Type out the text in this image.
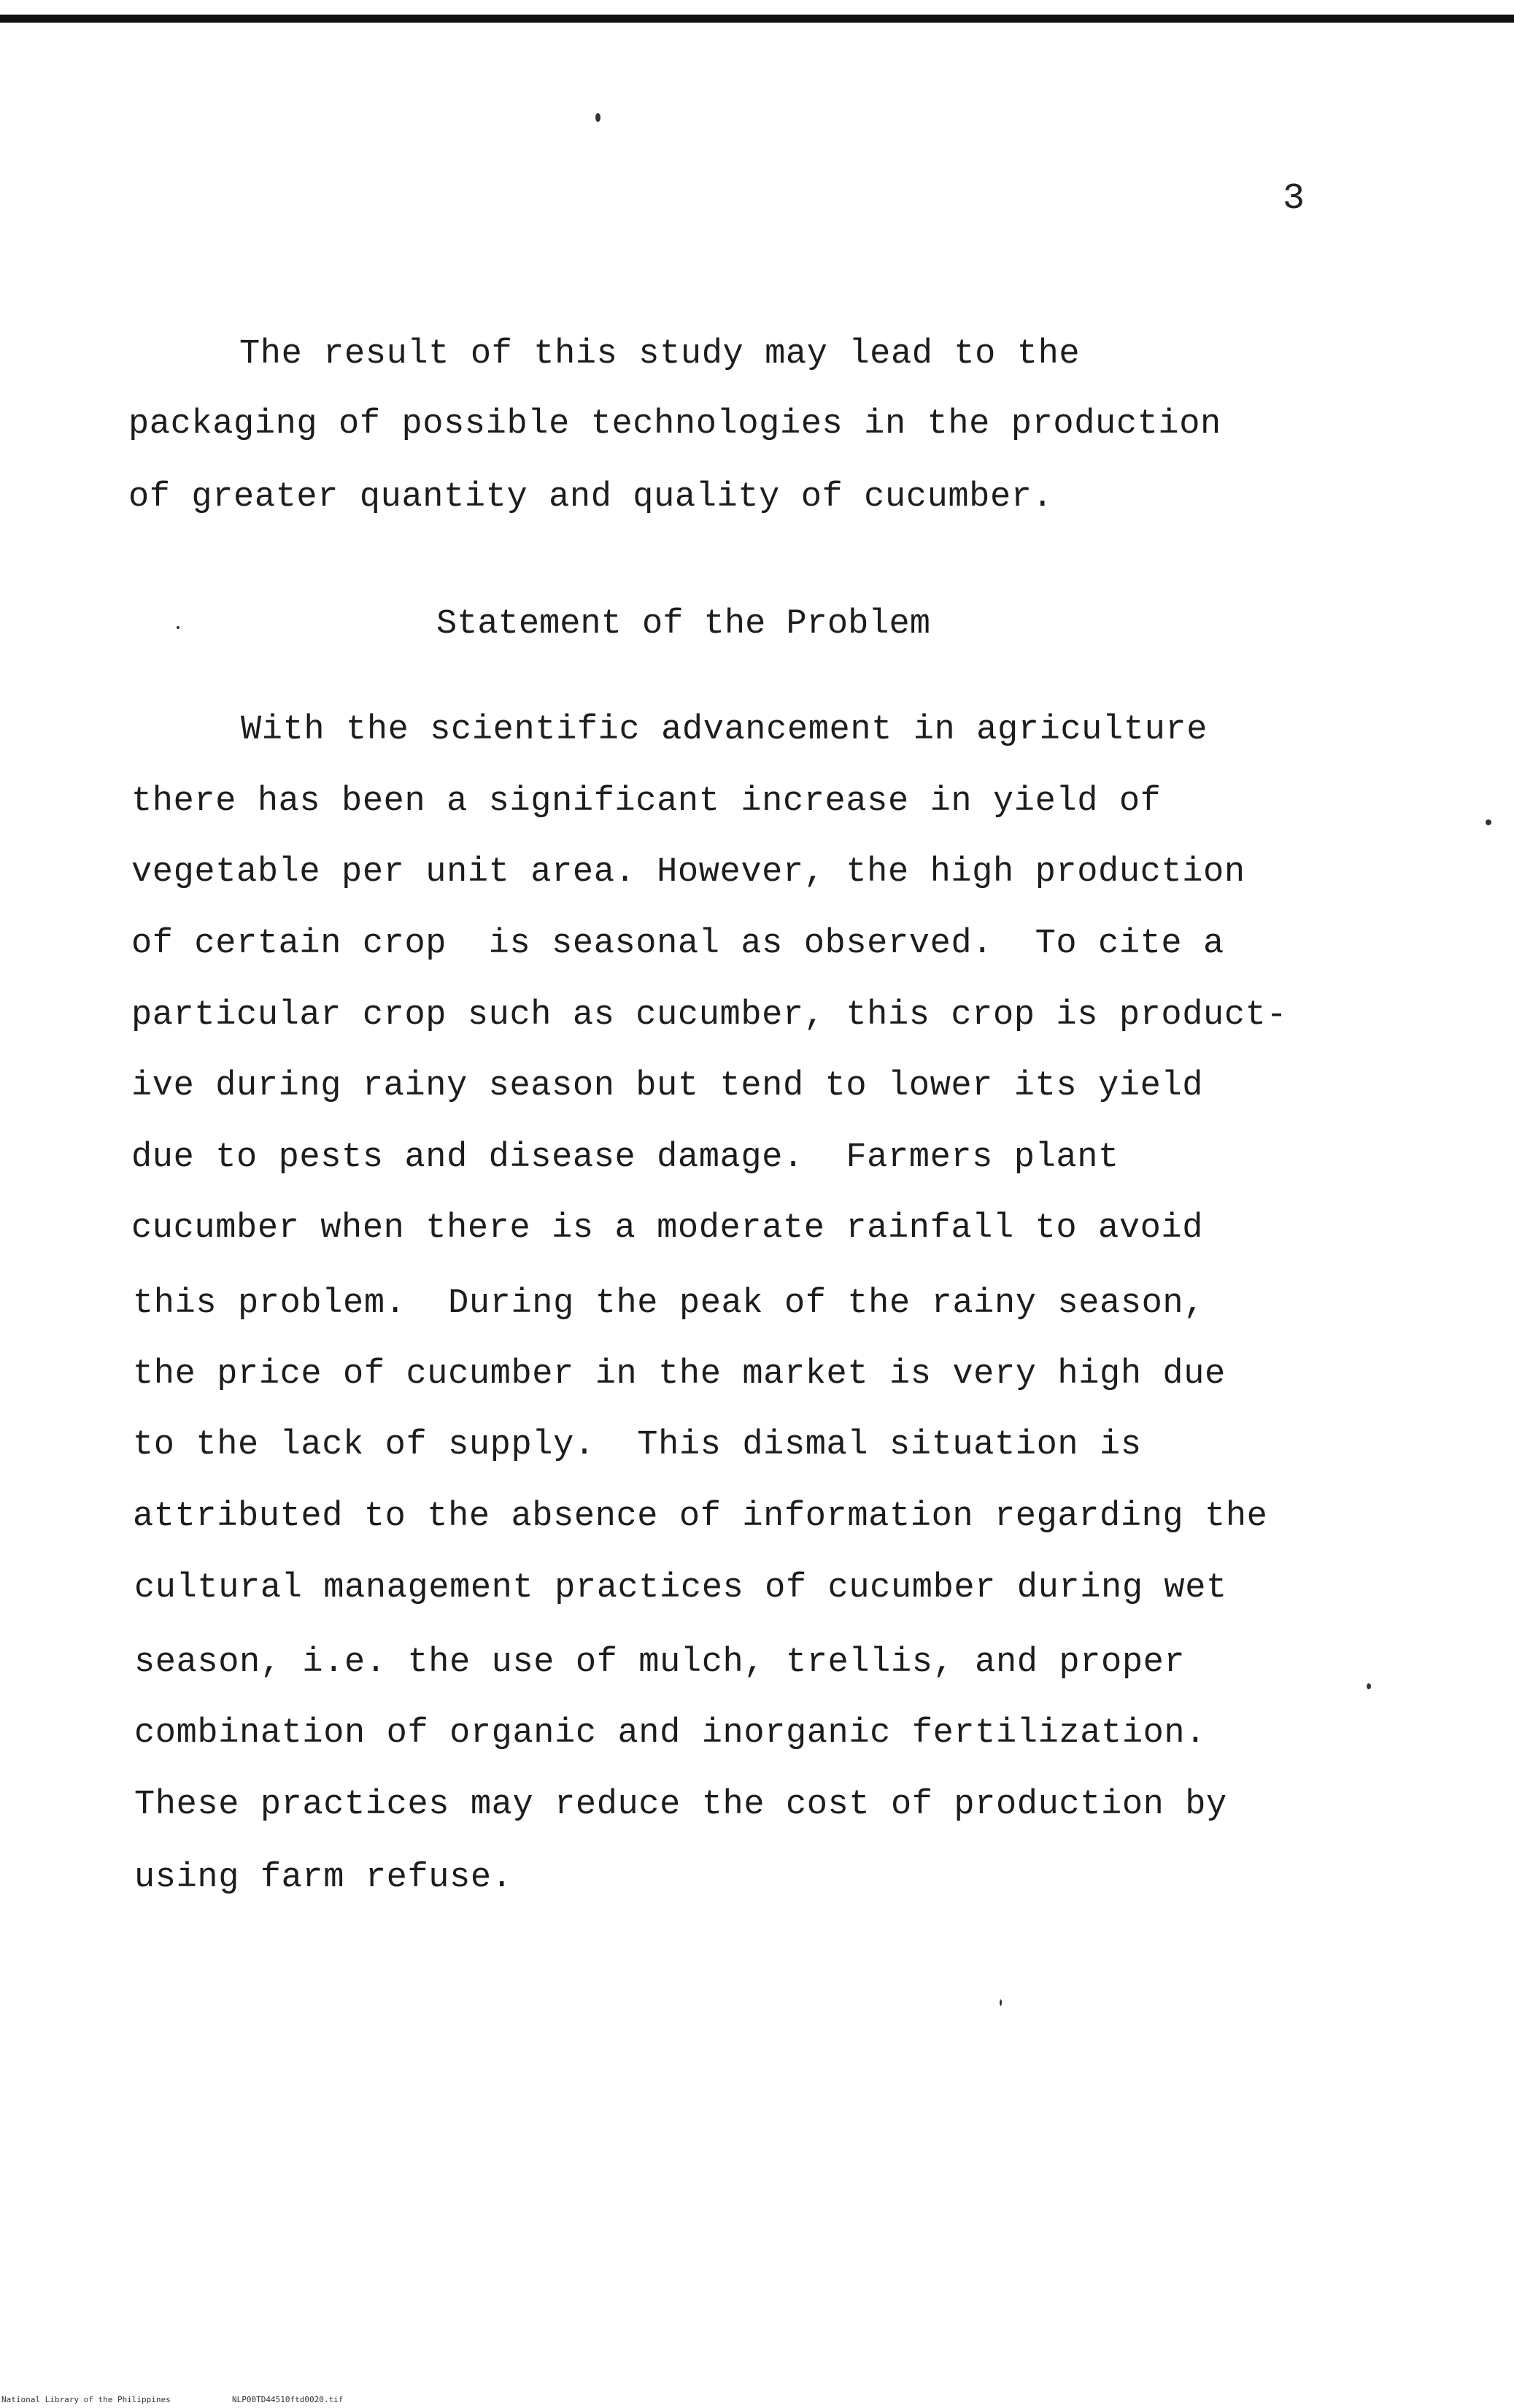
3
The result of this study may lead to the
packaging of possible technologies in the production
of greater quantity and quality of cucumber.
Statement of the Problem
With the scientific advancement in agriculture
there has been a significant increase in yield of
vegetable per unit area. However, the high production
of certain crop  is seasonal as observed.  To cite a
particular crop such as cucumber, this crop is product-
ive during rainy season but tend to lower its yield
due to pests and disease damage.  Farmers plant
cucumber when there is a moderate rainfall to avoid
this problem.  During the peak of the rainy season,
the price of cucumber in the market is very high due
to the lack of supply.  This dismal situation is
attributed to the absence of information regarding the
cultural management practices of cucumber during wet
season, i.e. the use of mulch, trellis, and proper
combination of organic and inorganic fertilization.
These practices may reduce the cost of production by
using farm refuse.
National Library of the Philippines	NLP00TD44510ftd0020.tif
